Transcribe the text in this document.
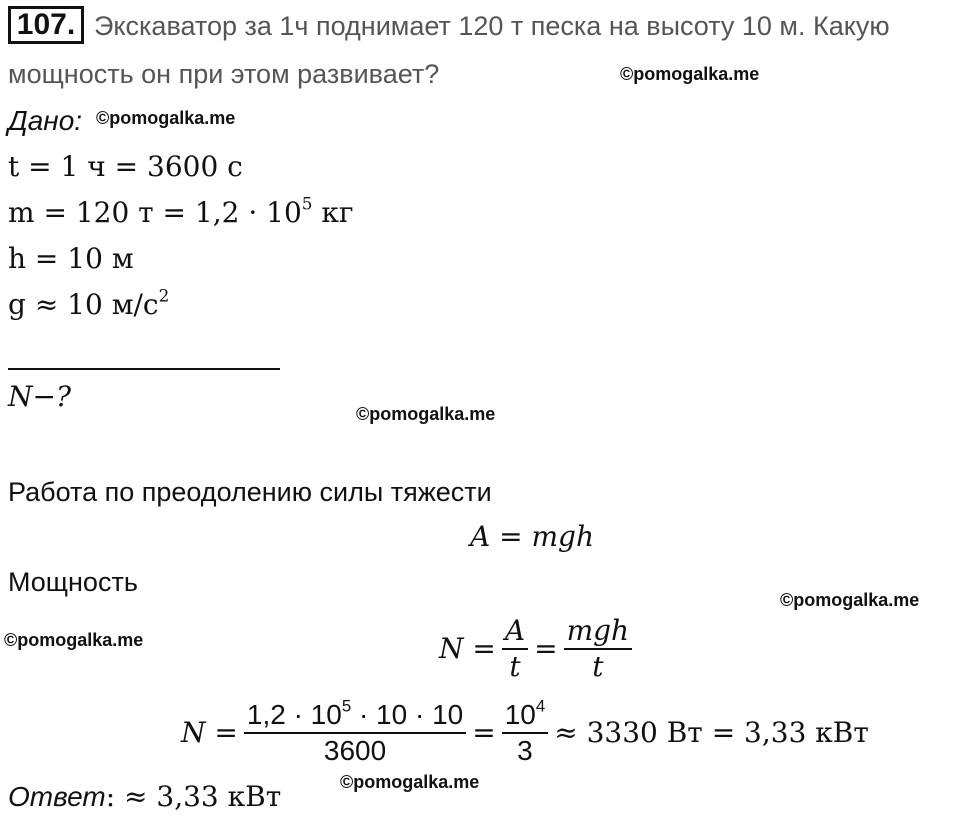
107. Экскаватор за 1ч поднимает 120 т песка на высоту 10 м. Какую
мощность он при этом развивает?	©pomogalka.me
Дано: ©pomogalka.me
t = 1 ч = 3600 с
m = 120 $т = 1,2 \cdot 10^5$ кг
h = 10 м
g ≈ 10 $м/с^2$
N−?
©pomogalka.me
Работа по преодолению силы тяжести
A = mgh
Мощность
©pomogalka.me
©pomogalka.me	$N = \frac{A}{t} = \frac{\text{mgh}}{t}$
$N = \frac{1,2 \cdot 10^5 \cdot 10 \cdot 10}{3600} = \frac{10^4}{3} \approx 3330$ Вт = 3,33 кВт
©pomogalka.me
Ответ: ≈ 3,33 кВт
